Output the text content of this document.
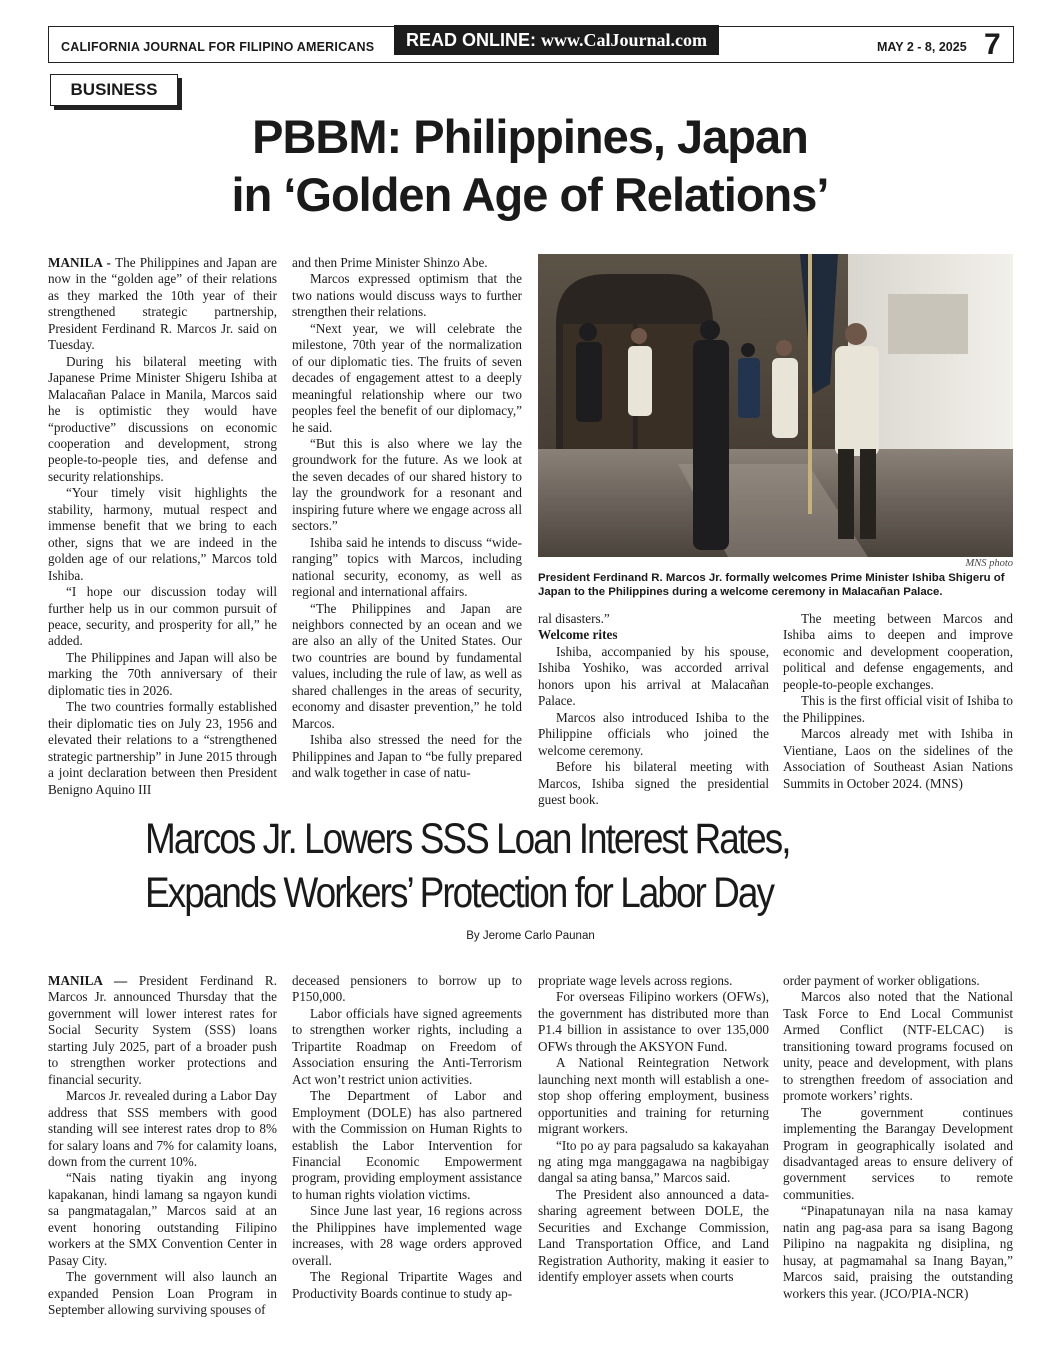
CALIFORNIA JOURNAL FOR FILIPINO AMERICANS	READ ONLINE: www.CalJournal.com	MAY 2 - 8, 2025 7
BUSINESS
PBBM: Philippines, Japan
in ‘Golden Age of Relations’

MANILA - The Philippines and Japan are now in the “golden age” of their relations as they marked the 10th year of their strengthened strategic partnership, President Ferdinand R. Marcos Jr. said on Tuesday.

During his bilateral meeting with Japanese Prime Minister Shigeru Ishiba at Malacañan Palace in Manila, Marcos said he is optimistic they would have “productive” discussions on economic cooperation and development, strong people-to-people ties, and defense and security relationships.

“Your timely visit highlights the stability, harmony, mutual respect and immense benefit that we bring to each other, signs that we are indeed in the golden age of our relations,” Marcos told Ishiba.

“I hope our discussion today will further help us in our common pursuit of peace, security, and prosperity for all,” he added.

The Philippines and Japan will also be marking the 70th anniversary of their diplomatic ties in 2026.

The two countries formally established their diplomatic ties on July 23, 1956 and elevated their relations to a “strengthened strategic partnership” in June 2015 through a joint declaration between then President Benigno Aquino III

and then Prime Minister Shinzo Abe.

Marcos expressed optimism that the two nations would discuss ways to further strengthen their relations.

“Next year, we will celebrate the milestone, 70th year of the normalization of our diplomatic ties. The fruits of seven decades of engagement attest to a deeply meaningful relationship where our two peoples feel the benefit of our diplomacy,” he said.

“But this is also where we lay the groundwork for the future. As we look at the seven decades of our shared history to lay the groundwork for a resonant and inspiring future where we engage across all sectors.”

Ishiba said he intends to discuss “wide-ranging” topics with Marcos, including national security, economy, as well as regional and international affairs.

“The Philippines and Japan are neighbors connected by an ocean and we are also an ally of the United States. Our two countries are bound by fundamental values, including the rule of law, as well as shared challenges in the areas of security, economy and disaster prevention,” he told Marcos.

Ishiba also stressed the need for the Philippines and Japan to “be fully prepared and walk together in case of natu-

MNS photo
President Ferdinand R. Marcos Jr. formally welcomes Prime Minister Ishiba Shigeru of Japan to the Philippines during a welcome ceremony in Malacañan Palace.

ral disasters.”

Welcome rites

Ishiba, accompanied by his spouse, Ishiba Yoshiko, was accorded arrival honors upon his arrival at Malacañan Palace.

Marcos also introduced Ishiba to the Philippine officials who joined the welcome ceremony.

Before his bilateral meeting with Marcos, Ishiba signed the presidential guest book.

The meeting between Marcos and Ishiba aims to deepen and improve economic and development cooperation, political and defense engagements, and people-to-people exchanges.

This is the first official visit of Ishiba to the Philippines.

Marcos already met with Ishiba in Vientiane, Laos on the sidelines of the Association of Southeast Asian Nations Summits in October 2024. (MNS)

Marcos Jr. Lowers SSS Loan Interest Rates,
Expands Workers’ Protection for Labor Day
By Jerome Carlo Paunan

MANILA — President Ferdinand R. Marcos Jr. announced Thursday that the government will lower interest rates for Social Security System (SSS) loans starting July 2025, part of a broader push to strengthen worker protections and financial security.

Marcos Jr. revealed during a Labor Day address that SSS members with good standing will see interest rates drop to 8% for salary loans and 7% for calamity loans, down from the current 10%.

“Nais nating tiyakin ang inyong kapakanan, hindi lamang sa ngayon kundi sa pangmatagalan,” Marcos said at an event honoring outstanding Filipino workers at the SMX Convention Center in Pasay City.

The government will also launch an expanded Pension Loan Program in September allowing surviving spouses of

deceased pensioners to borrow up to P150,000.

Labor officials have signed agreements to strengthen worker rights, including a Tripartite Roadmap on Freedom of Association ensuring the Anti-Terrorism Act won’t restrict union activities.

The Department of Labor and Employment (DOLE) has also partnered with the Commission on Human Rights to establish the Labor Intervention for Financial Economic Empowerment program, providing employment assistance to human rights violation victims.

Since June last year, 16 regions across the Philippines have implemented wage increases, with 28 wage orders approved overall.

The Regional Tripartite Wages and Productivity Boards continue to study ap-

propriate wage levels across regions.

For overseas Filipino workers (OFWs), the government has distributed more than P1.4 billion in assistance to over 135,000 OFWs through the AKSYON Fund.

A National Reintegration Network launching next month will establish a one-stop shop offering employment, business opportunities and training for returning migrant workers.

“Ito po ay para pagsaludo sa kakayahan ng ating mga manggagawa na nagbibigay dangal sa ating bansa,” Marcos said.

The President also announced a data-sharing agreement between DOLE, the Securities and Exchange Commission, Land Transportation Office, and Land Registration Authority, making it easier to identify employer assets when courts

order payment of worker obligations.

Marcos also noted that the National Task Force to End Local Communist Armed Conflict (NTF-ELCAC) is transitioning toward programs focused on unity, peace and development, with plans to strengthen freedom of association and promote workers’ rights.

The government continues implementing the Barangay Development Program in geographically isolated and disadvantaged areas to ensure delivery of government services to remote communities.

“Pinapatunayan nila na nasa kamay natin ang pag-asa para sa isang Bagong Pilipino na nagpakita ng disiplina, ng husay, at pagmamahal sa Inang Bayan,” Marcos said, praising the outstanding workers this year. (JCO/PIA-NCR)
